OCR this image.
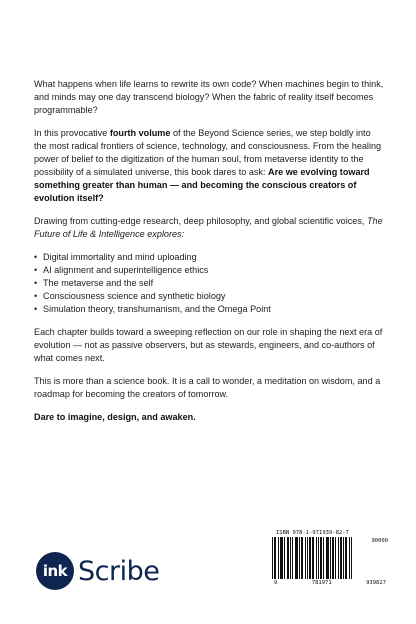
What happens when life learns to rewrite its own code? When machines begin to think, and minds may one day transcend biology? When the fabric of reality itself becomes programmable?

In this provocative fourth volume of the Beyond Science series, we step boldly into the most radical frontiers of science, technology, and consciousness. From the healing power of belief to the digitization of the human soul, from metaverse identity to the possibility of a simulated universe, this book dares to ask: Are we evolving toward something greater than human — and becoming the conscious creators of evolution itself?

Drawing from cutting-edge research, deep philosophy, and global scientific voices, The Future of Life & Intelligence explores:

• Digital immortality and mind uploading
• AI alignment and superintelligence ethics
• The metaverse and the self
• Consciousness science and synthetic biology
• Simulation theory, transhumanism, and the Omega Point

Each chapter builds toward a sweeping reflection on our role in shaping the next era of evolution — not as passive observers, but as stewards, engineers, and co-authors of what comes next.

This is more than a science book. It is a call to wonder, a meditation on wisdom, and a roadmap for becoming the creators of tomorrow.

Dare to imagine, design, and awaken.

ink Scribe
ISBN 978-1-971939-82-7
90000
9	781971	939827
